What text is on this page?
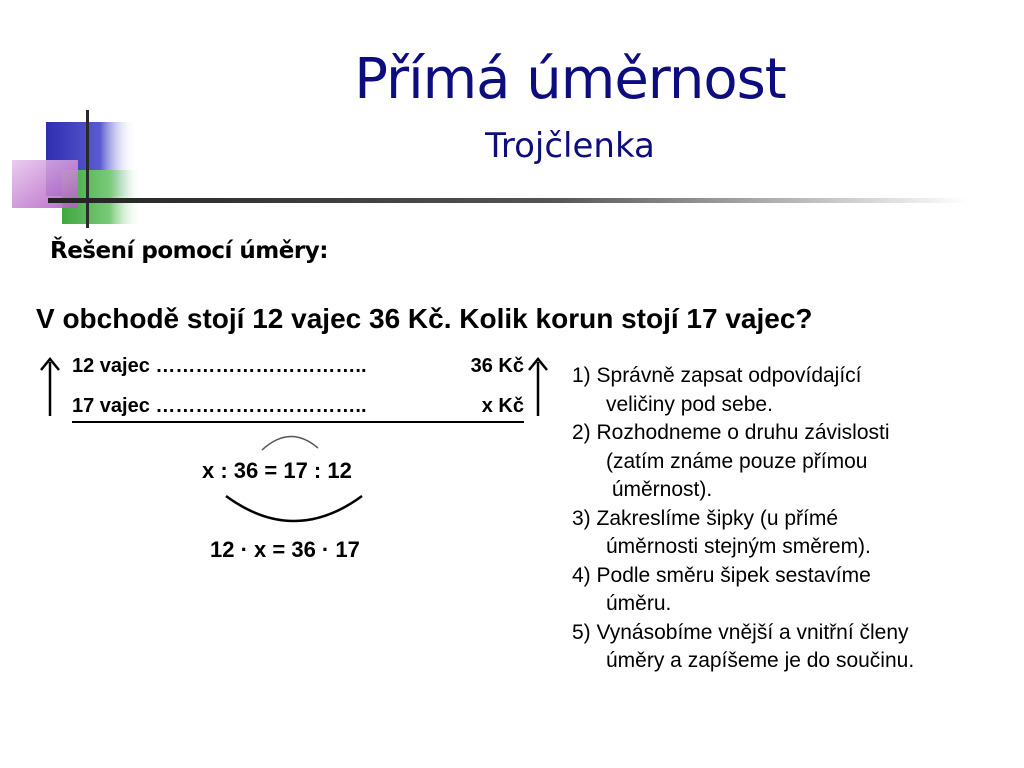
Přímá úměrnost
Trojčlenka
Řešení pomocí úměry:
V obchodě stojí 12 vajec 36 Kč. Kolik korun stojí 17 vajec?
12 vajec …………………………..	36 Kč
17 vajec …………………………..	x Kč
x : 36 = 17 : 12
12 · x = 36 · 17
1) Správně zapsat odpovídající
veličiny pod sebe.
2) Rozhodneme o druhu závislosti
(zatím známe pouze přímou
úměrnost).
3) Zakreslíme šipky (u přímé
úměrnosti stejným směrem).
4) Podle směru šipek sestavíme
úměru.
5) Vynásobíme vnější a vnitřní členy
úměry a zapíšeme je do součinu.
